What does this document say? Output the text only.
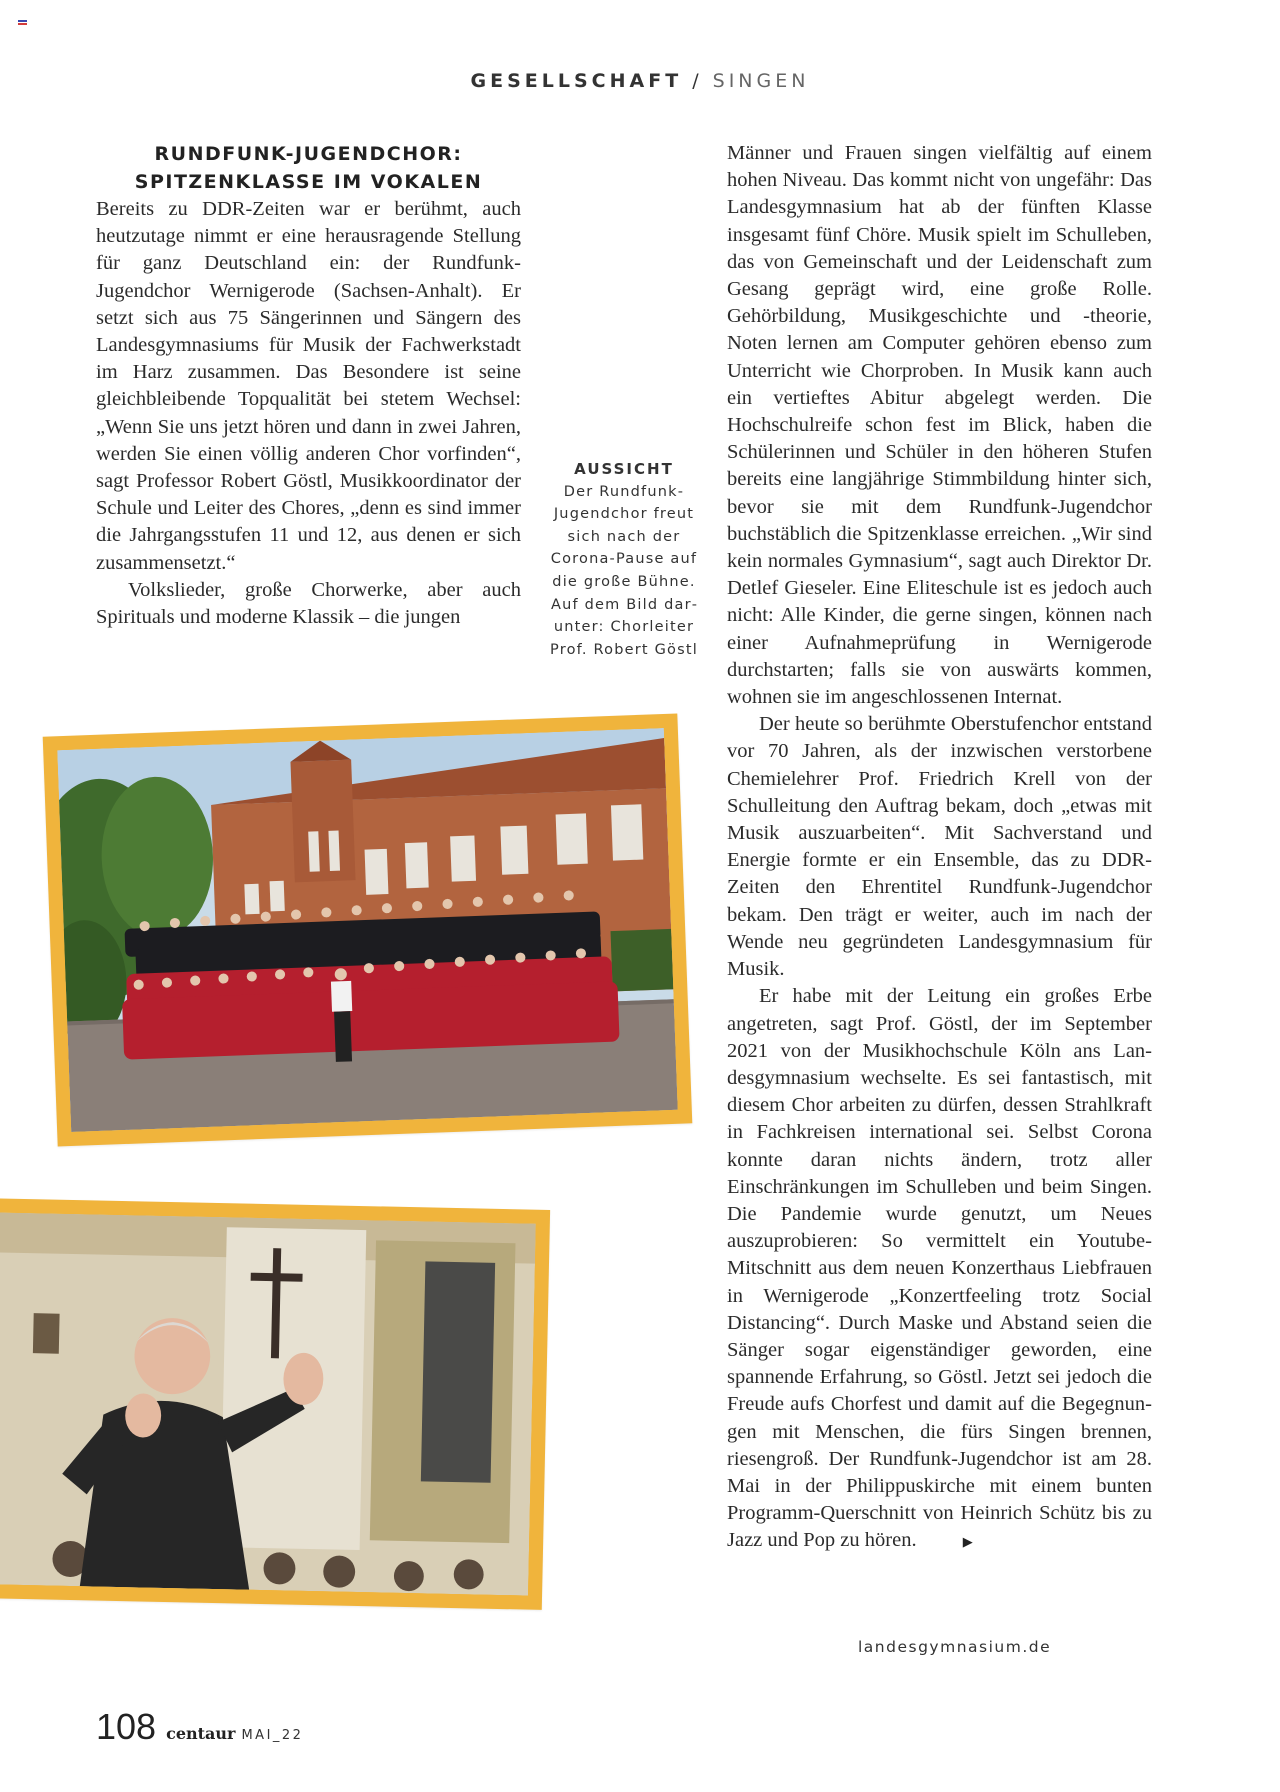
GESELLSCHAFT / SINGEN
RUNDFUNK-JUGENDCHOR:
SPITZENKLASSE IM VOKALEN

Bereits zu DDR-Zeiten war er berühmt, auch heutzutage nimmt er eine herausragende Stellung für ganz Deutschland ein: der Rundfunk-Jugendchor Wernigerode (Sachsen-Anhalt). Er setzt sich aus 75 Sängerinnen und Sängern des Landesgymnasiums für Musik der Fachwerkstadt im Harz zusammen. Das Besondere ist seine gleichbleibende Topqualität bei stetem Wechsel: „Wenn Sie uns jetzt hören und dann in zwei Jahren, werden Sie einen völlig anderen Chor vorfinden“, sagt Professor Robert Göstl, Musikkoordinator der Schule und Leiter des Chores, „denn es sind immer die Jahrgangsstufen 11 und 12, aus denen er sich zusammensetzt.“

Volkslieder, große Chorwerke, aber auch Spirituals und moderne Klassik – die jungen

AUSSICHT
Der Rundfunk-Jugendchor freut sich nach der Corona-Pause auf die große Bühne. Auf dem Bild darunter: Chorleiter Prof. Robert Göstl

Männer und Frauen singen vielfältig auf einem hohen Niveau. Das kommt nicht von ungefähr: Das Landesgymnasium hat ab der fünften Klasse insgesamt fünf Chöre. Musik spielt im Schulleben, das von Gemeinschaft und der Leidenschaft zum Gesang geprägt wird, eine große Rolle. Gehörbildung, Musikgeschichte und -theorie, Noten lernen am Computer gehören ebenso zum Unterricht wie Chorproben. In Musik kann auch ein vertieftes Abitur abgelegt werden. Die Hochschulreife schon fest im Blick, haben die Schülerinnen und Schüler in den höheren Stufen bereits eine langjährige Stimmbildung hinter sich, bevor sie mit dem Rundfunk-Jugendchor buchstäblich die Spitzenklasse erreichen. „Wir sind kein normales Gymnasium“, sagt auch Direktor Dr. Detlef Gieseler. Eine Eliteschule ist es jedoch auch nicht: Alle Kinder, die gerne singen, können nach einer Aufnahmeprüfung in Wernigerode durchstarten; falls sie von auswärts kommen, wohnen sie im angeschlossenen Internat.

Der heute so berühmte Oberstufenchor entstand vor 70 Jahren, als der inzwischen verstorbene Chemielehrer Prof. Friedrich Krell von der Schulleitung den Auftrag bekam, doch „etwas mit Musik auszuarbeiten“. Mit Sachverstand und Energie formte er ein Ensemble, das zu DDR-Zeiten den Ehrentitel Rundfunk-Jugendchor bekam. Den trägt er weiter, auch im nach der Wende neu gegründeten Landesgymnasium für Musik.

Er habe mit der Leitung ein großes Erbe angetreten, sagt Prof. Göstl, der im September 2021 von der Musikhochschule Köln ans Landesgymnasium wechselte. Es sei fantastisch, mit diesem Chor arbeiten zu dürfen, dessen Strahlkraft in Fachkreisen international sei. Selbst Corona konnte daran nichts ändern, trotz aller Einschränkungen im Schulleben und beim Singen. Die Pandemie wurde genutzt, um Neues auszuprobieren: So vermittelt ein Youtube-Mitschnitt aus dem neuen Konzerthaus Liebfrauen in Wernigerode „Konzertfeeling trotz Social Distancing“. Durch Maske und Abstand seien die Sänger sogar eigenständiger geworden, eine spannende Erfahrung, so Göstl. Jetzt sei jedoch die Freude aufs Chorfest und damit auf die Begegnungen mit Menschen, die fürs Singen brennen, riesengroß. Der Rundfunk-Jugendchor ist am 28. Mai in der Philippuskirche mit einem bunten Programm-Querschnitt von Heinrich Schütz bis zu Jazz und Pop zu hören.	▶

landesgymnasium.de
108 centaur MAI_22
